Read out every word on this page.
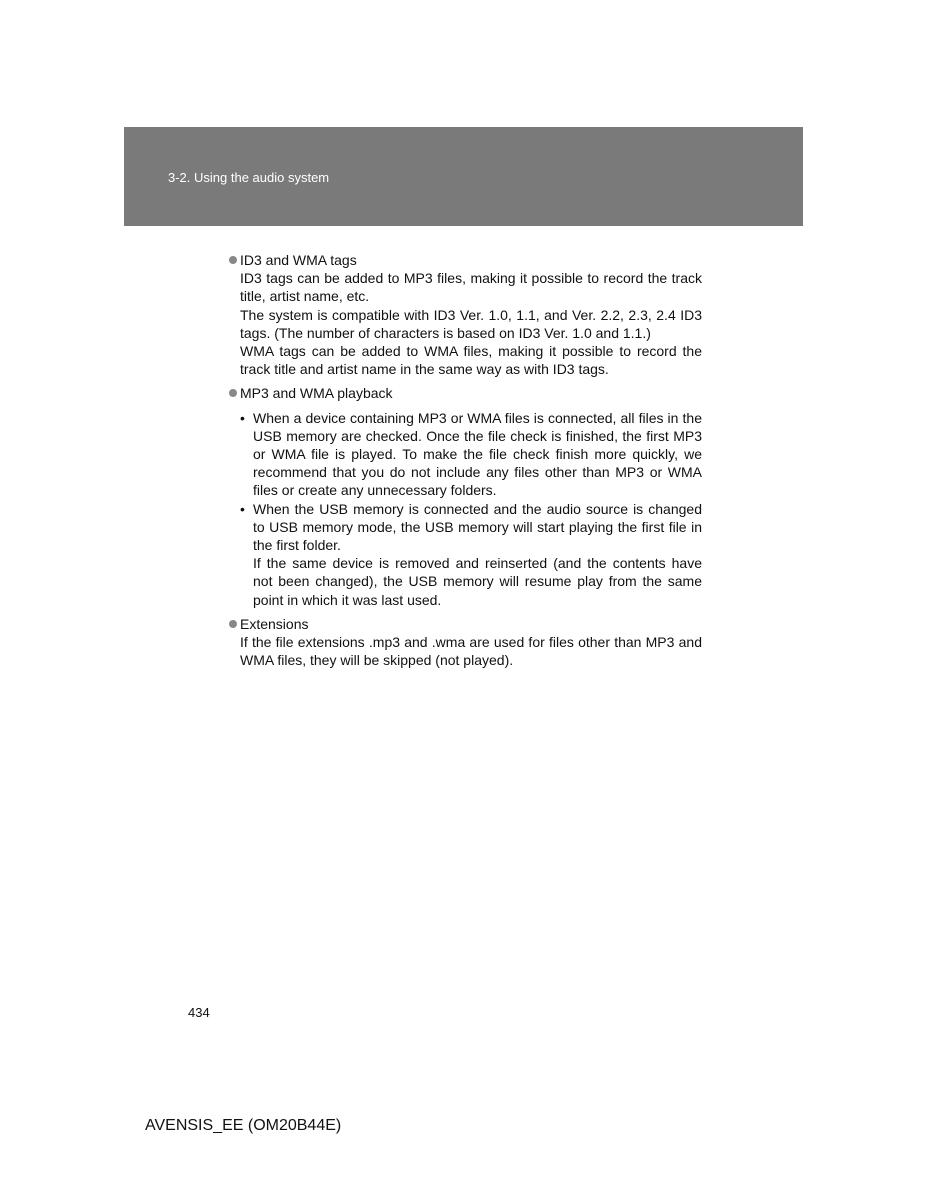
3-2. Using the audio system
ID3 and WMA tags
ID3 tags can be added to MP3 files, making it possible to record the track title, artist name, etc.
The system is compatible with ID3 Ver. 1.0, 1.1, and Ver. 2.2, 2.3, 2.4 ID3 tags. (The number of characters is based on ID3 Ver. 1.0 and 1.1.)
WMA tags can be added to WMA files, making it possible to record the track title and artist name in the same way as with ID3 tags.
MP3 and WMA playback
• When a device containing MP3 or WMA files is connected, all files in the USB memory are checked. Once the file check is finished, the first MP3 or WMA file is played. To make the file check finish more quickly, we recommend that you do not include any files other than MP3 or WMA files or create any unnecessary folders.
• When the USB memory is connected and the audio source is changed to USB memory mode, the USB memory will start playing the first file in the first folder.
If the same device is removed and reinserted (and the contents have not been changed), the USB memory will resume play from the same point in which it was last used.
Extensions
If the file extensions .mp3 and .wma are used for files other than MP3 and WMA files, they will be skipped (not played).
434
AVENSIS_EE (OM20B44E)
